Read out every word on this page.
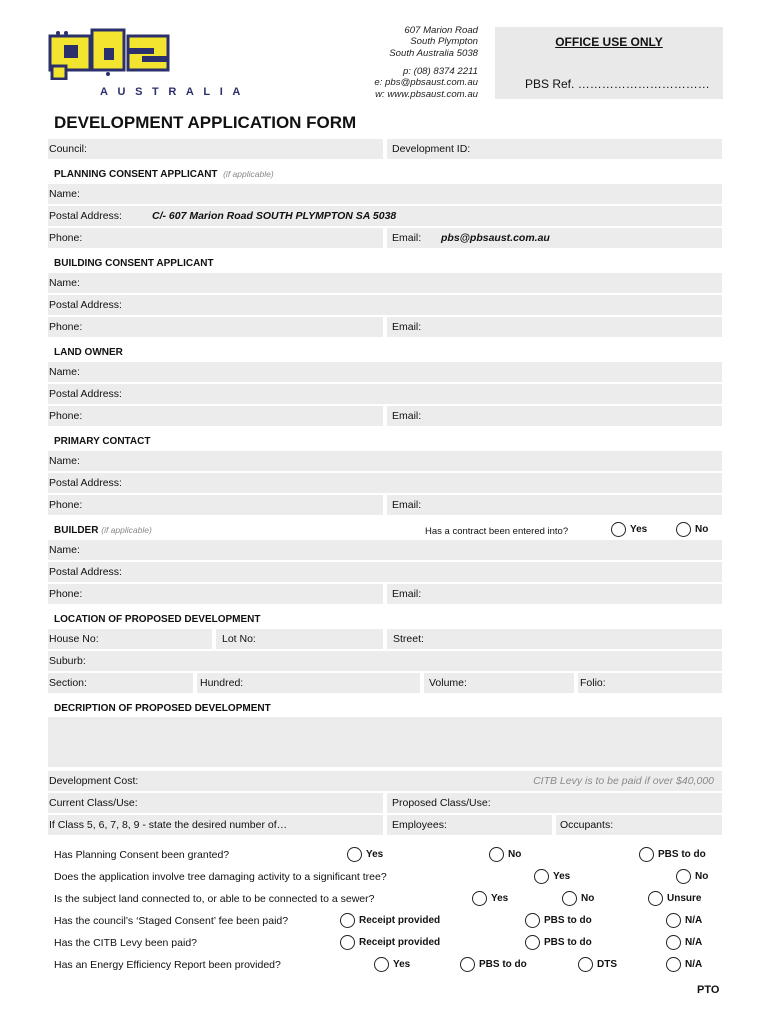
AUSTRALIA
607 Marion Road
South Plympton
South Australia 5038
p: (08) 8374 2211
e: pbs@pbsaust.com.au
w: www.pbsaust.com.au
OFFICE USE ONLY
PBS Ref. ……………………………
DEVELOPMENT APPLICATION FORM
Council:	Development ID:
PLANNING CONSENT APPLICANT (if applicable)
Name:
Postal Address:	C/- 607 Marion Road SOUTH PLYMPTON SA 5038
Phone:	Email: pbs@pbsaust.com.au
BUILDING CONSENT APPLICANT
Name:
Postal Address:
Phone:	Email:
LAND OWNER
Name:
Postal Address:
Phone:	Email:
PRIMARY CONTACT
Name:
Postal Address:
Phone:	Email:
BUILDER (if applicable)	Has a contract been entered into?	Yes	No
Name:
Postal Address:
Phone:	Email:
LOCATION OF PROPOSED DEVELOPMENT
House No:	Lot No:	Street:
Suburb:
Section:	Hundred:	Volume:	Folio:
DECRIPTION OF PROPOSED DEVELOPMENT
Development Cost:	CITB Levy is to be paid if over $40,000
Current Class/Use:	Proposed Class/Use:
If Class 5, 6, 7, 8, 9 - state the desired number of…	Employees:	Occupants:
Has Planning Consent been granted?	Yes	No	PBS to do
Does the application involve tree damaging activity to a significant tree?	Yes	No
Is the subject land connected to, or able to be connected to a sewer?	Yes	No	Unsure
Has the council’s ‘Staged Consent’ fee been paid?	Receipt provided	PBS to do	N/A
Has the CITB Levy been paid?	Receipt provided	PBS to do	N/A
Has an Energy Efficiency Report been provided?	Yes	PBS to do	DTS	N/A
PTO
